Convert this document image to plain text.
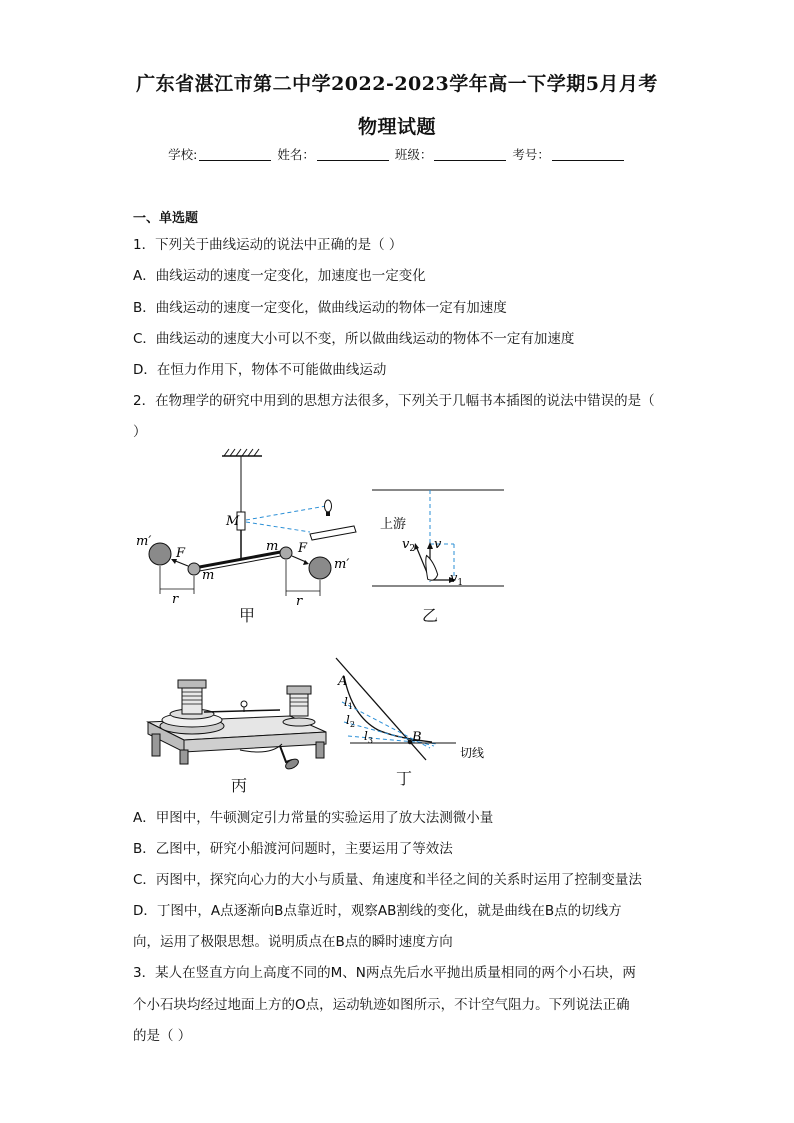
广东省湛江市第二中学2022-2023学年高一下学期5月月考
物理试题
学校:	姓名：	班级：	考号：
一、单选题
1．下列关于曲线运动的说法中正确的是（ ）
A．曲线运动的速度一定变化，加速度也一定变化
B．曲线运动的速度一定变化，做曲线运动的物体一定有加速度
C．曲线运动的速度大小可以不变，所以做曲线运动的物体不一定有加速度
D．在恒力作用下，物体不可能做曲线运动
2．在物理学的研究中用到的思想方法很多，下列关于几幅书本插图的说法中错误的是（
）
M
m′
m′
F	F
m
m
r	r
甲
上游
v
$v_2$
$v_1$
乙
丙
A
B
$l_1$
$l_2$
$l_3$
切线
丁
A．甲图中，牛顿测定引力常量的实验运用了放大法测微小量
B．乙图中，研究小船渡河问题时，主要运用了等效法
C．丙图中，探究向心力的大小与质量、角速度和半径之间的关系时运用了控制变量法
D．丁图中，A点逐渐向B点靠近时，观察AB割线的变化，就是曲线在B点的切线方
向，运用了极限思想。说明质点在B点的瞬时速度方向
3．某人在竖直方向上高度不同的M、N两点先后水平抛出质量相同的两个小石块，两
个小石块均经过地面上方的O点，运动轨迹如图所示，不计空气阻力。下列说法正确
的是（ ）
